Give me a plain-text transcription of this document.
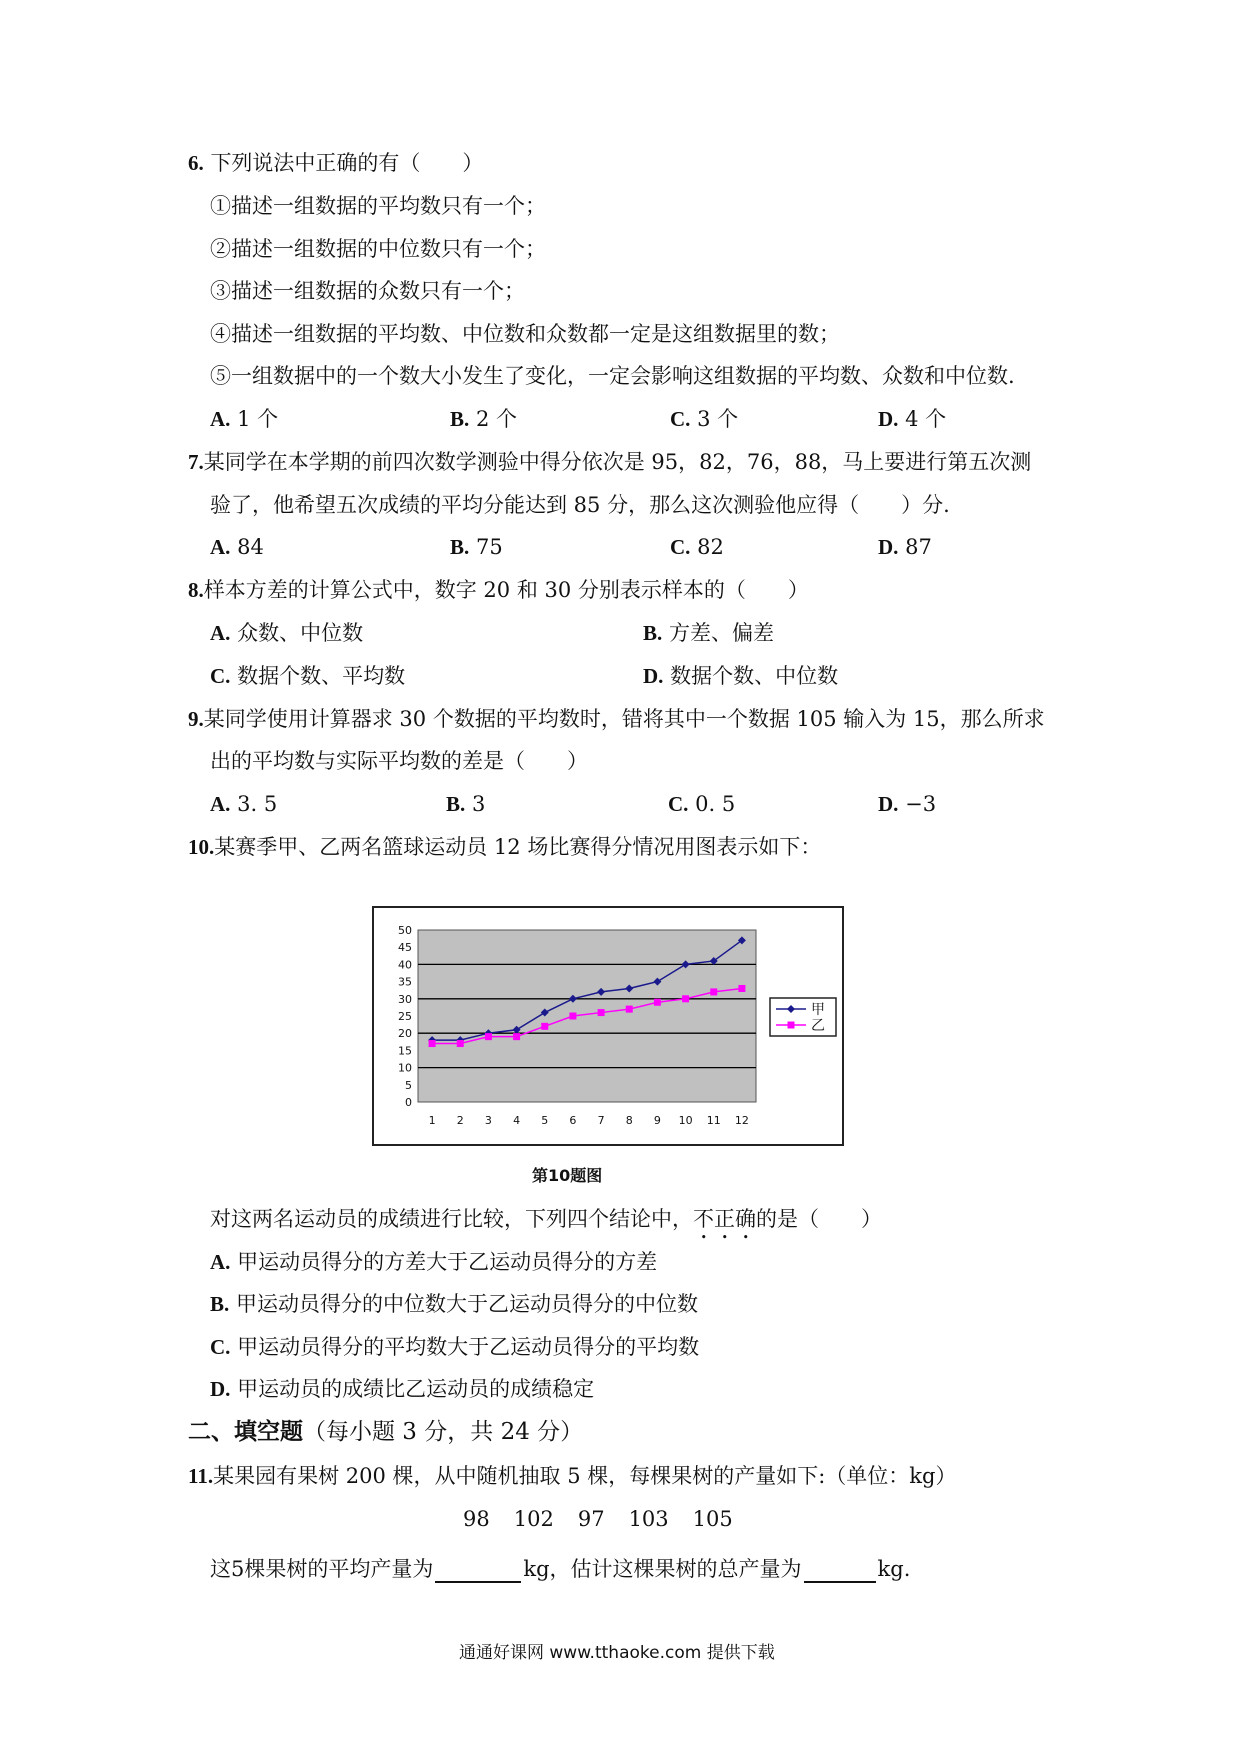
6. 下列说法中正确的有（　　）
①描述一组数据的平均数只有一个；
②描述一组数据的中位数只有一个；
③描述一组数据的众数只有一个；
④描述一组数据的平均数、中位数和众数都一定是这组数据里的数；
⑤一组数据中的一个数大小发生了变化，一定会影响这组数据的平均数、众数和中位数.
A. 1 个	B. 2 个	C. 3 个	D. 4 个
7.某同学在本学期的前四次数学测验中得分依次是 95，82，76，88，马上要进行第五次测
验了，他希望五次成绩的平均分能达到 85 分，那么这次测验他应得（　　）分.
A. 84	B. 75	C. 82	D. 87
8.样本方差的计算公式中，数字 20 和 30 分别表示样本的（　　）
A. 众数、中位数	B. 方差、偏差
C. 数据个数、平均数	D. 数据个数、中位数
9.某同学使用计算器求 30 个数据的平均数时，错将其中一个数据 105 输入为 15，那么所求
出的平均数与实际平均数的差是（　　）
A. 3. 5	B. 3	C. 0. 5	D. −3
10.某赛季甲、乙两名篮球运动员 12 场比赛得分情况用图表示如下：
0
5
10
15
20
25
30
35
40
45
50
1 2 3 4 5 6 7 8 9 10 11 12
甲
乙
第10题图
对这两名运动员的成绩进行比较，下列四个结论中，不正确的是（　　）
A. 甲运动员得分的方差大于乙运动员得分的方差
B. 甲运动员得分的中位数大于乙运动员得分的中位数
C. 甲运动员得分的平均数大于乙运动员得分的平均数
D. 甲运动员的成绩比乙运动员的成绩稳定
二、填空题（每小题 3 分，共 24 分）
11.某果园有果树 200 棵，从中随机抽取 5 棵，每棵果树的产量如下:（单位：kg）
98 102 97 103 105
这5棵果树的平均产量为	kg，估计这棵果树的总产量为	kg.
通通好课网 www.tthaoke.com 提供下载
